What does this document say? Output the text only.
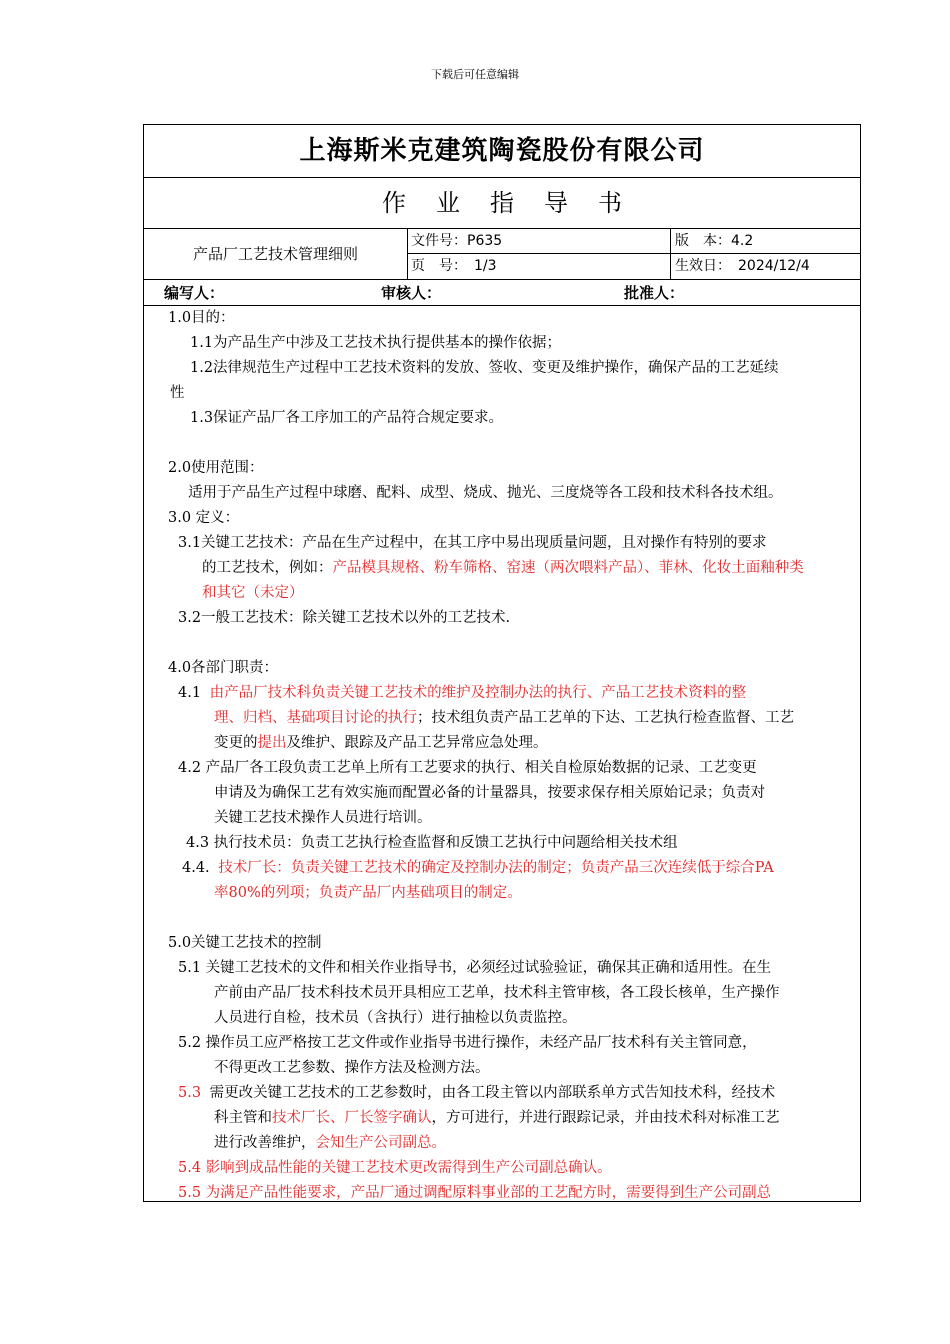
下载后可任意编辑
上海斯米克建筑陶瓷股份有限公司
作业指导书
产品厂工艺技术管理细则
文件号：P635	版　本：4.2
页　号：　1/3	生效日：　2024/12/4
编写人：	审核人：	批准人：
1.0目的：
1.1为产品生产中涉及工艺技术执行提供基本的操作依据；
1.2法律规范生产过程中工艺技术资料的发放、签收、变更及维护操作，确保产品的工艺延续
性
1.3保证产品厂各工序加工的产品符合规定要求。
2.0使用范围：
适用于产品生产过程中球磨、配料、成型、烧成、抛光、三度烧等各工段和技术科各技术组。
3.0 定义：
3.1关键工艺技术：产品在生产过程中，在其工序中易出现质量问题，且对操作有特别的要求
的工艺技术，例如：产品模具规格、粉车筛格、窑速（两次喂料产品）、菲林、化妆土面釉种类
和其它（未定）
3.2一般工艺技术：除关键工艺技术以外的工艺技术.
4.0各部门职责：
4.1 由产品厂技术科负责关键工艺技术的维护及控制办法的执行、产品工艺技术资料的整
理、归档、基础项目讨论的执行；技术组负责产品工艺单的下达、工艺执行检查监督、工艺
变更的提出及维护、跟踪及产品工艺异常应急处理。
4.2 产品厂各工段负责工艺单上所有工艺要求的执行、相关自检原始数据的记录、工艺变更
申请及为确保工艺有效实施而配置必备的计量器具，按要求保存相关原始记录；负责对
关键工艺技术操作人员进行培训。
4.3 执行技术员：负责工艺执行检查监督和反馈工艺执行中问题给相关技术组
4.4. 技术厂长：负责关键工艺技术的确定及控制办法的制定；负责产品三次连续低于综合PA
率80%的列项；负责产品厂内基础项目的制定。
5.0关键工艺技术的控制
5.1 关键工艺技术的文件和相关作业指导书，必须经过试验验证，确保其正确和适用性。在生
产前由产品厂技术科技术员开具相应工艺单，技术科主管审核，各工段长核单，生产操作
人员进行自检，技术员（含执行）进行抽检以负责监控。
5.2 操作员工应严格按工艺文件或作业指导书进行操作，未经产品厂技术科有关主管同意，
不得更改工艺参数、操作方法及检测方法。
5.3 需更改关键工艺技术的工艺参数时，由各工段主管以内部联系单方式告知技术科，经技术
科主管和技术厂长、厂长签字确认，方可进行，并进行跟踪记录，并由技术科对标准工艺
进行改善维护，会知生产公司副总。
5.4 影响到成品性能的关键工艺技术更改需得到生产公司副总确认。
5.5 为满足产品性能要求，产品厂通过调配原料事业部的工艺配方时，需要得到生产公司副总
